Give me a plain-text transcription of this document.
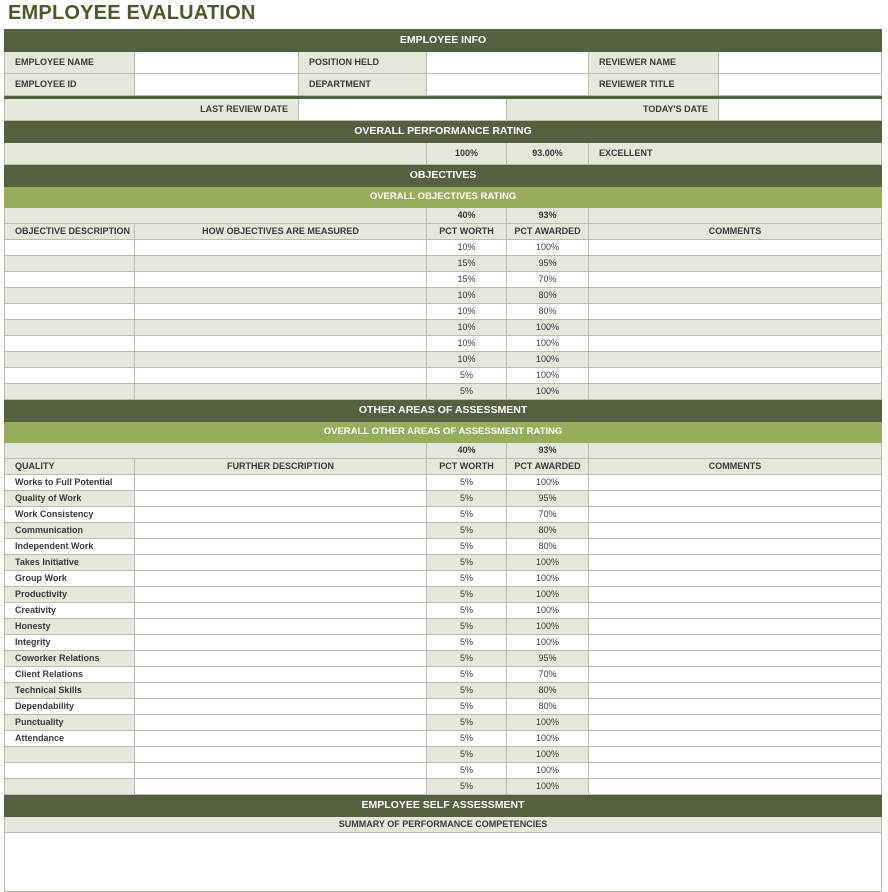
EMPLOYEE EVALUATION
EMPLOYEE INFO						
EMPLOYEE NAME		POSITION HELD			REVIEWER NAME	
EMPLOYEE ID		DEPARTMENT			REVIEWER TITLE	

LAST REVIEW DATE				TODAY'S DATE		
OVERALL PERFORMANCE RATING						
			100%	93.00%	EXCELLENT	
OBJECTIVES						
OVERALL OBJECTIVES RATING						
			40%	93%		
OBJECTIVE DESCRIPTION	HOW OBJECTIVES ARE MEASURED		PCT WORTH	PCT AWARDED	COMMENTS	
			10%	100%		
			15%	95%		
			15%	70%		
			10%	80%		
			10%	80%		
			10%	100%		
			10%	100%		
			10%	100%		
			5%	100%		
			5%	100%		
OTHER AREAS OF ASSESSMENT						
OVERALL OTHER AREAS OF ASSESSMENT RATING						
			40%	93%		
QUALITY	FURTHER DESCRIPTION		PCT WORTH	PCT AWARDED	COMMENTS	
Works to Full Potential			5%	100%		
Quality of Work			5%	95%		
Work Consistency			5%	70%		
Communication			5%	80%		
Independent Work			5%	80%		
Takes Initiative			5%	100%		
Group Work			5%	100%		
Productivity			5%	100%		
Creativity			5%	100%		
Honesty			5%	100%		
Integrity			5%	100%		
Coworker Relations			5%	95%		
Client Relations			5%	70%		
Technical Skills			5%	80%		
Dependability			5%	80%		
Punctuality			5%	100%		
Attendance			5%	100%		
			5%	100%		
			5%	100%		
			5%	100%		
EMPLOYEE SELF ASSESSMENT						
SUMMARY OF PERFORMANCE COMPETENCIES						
